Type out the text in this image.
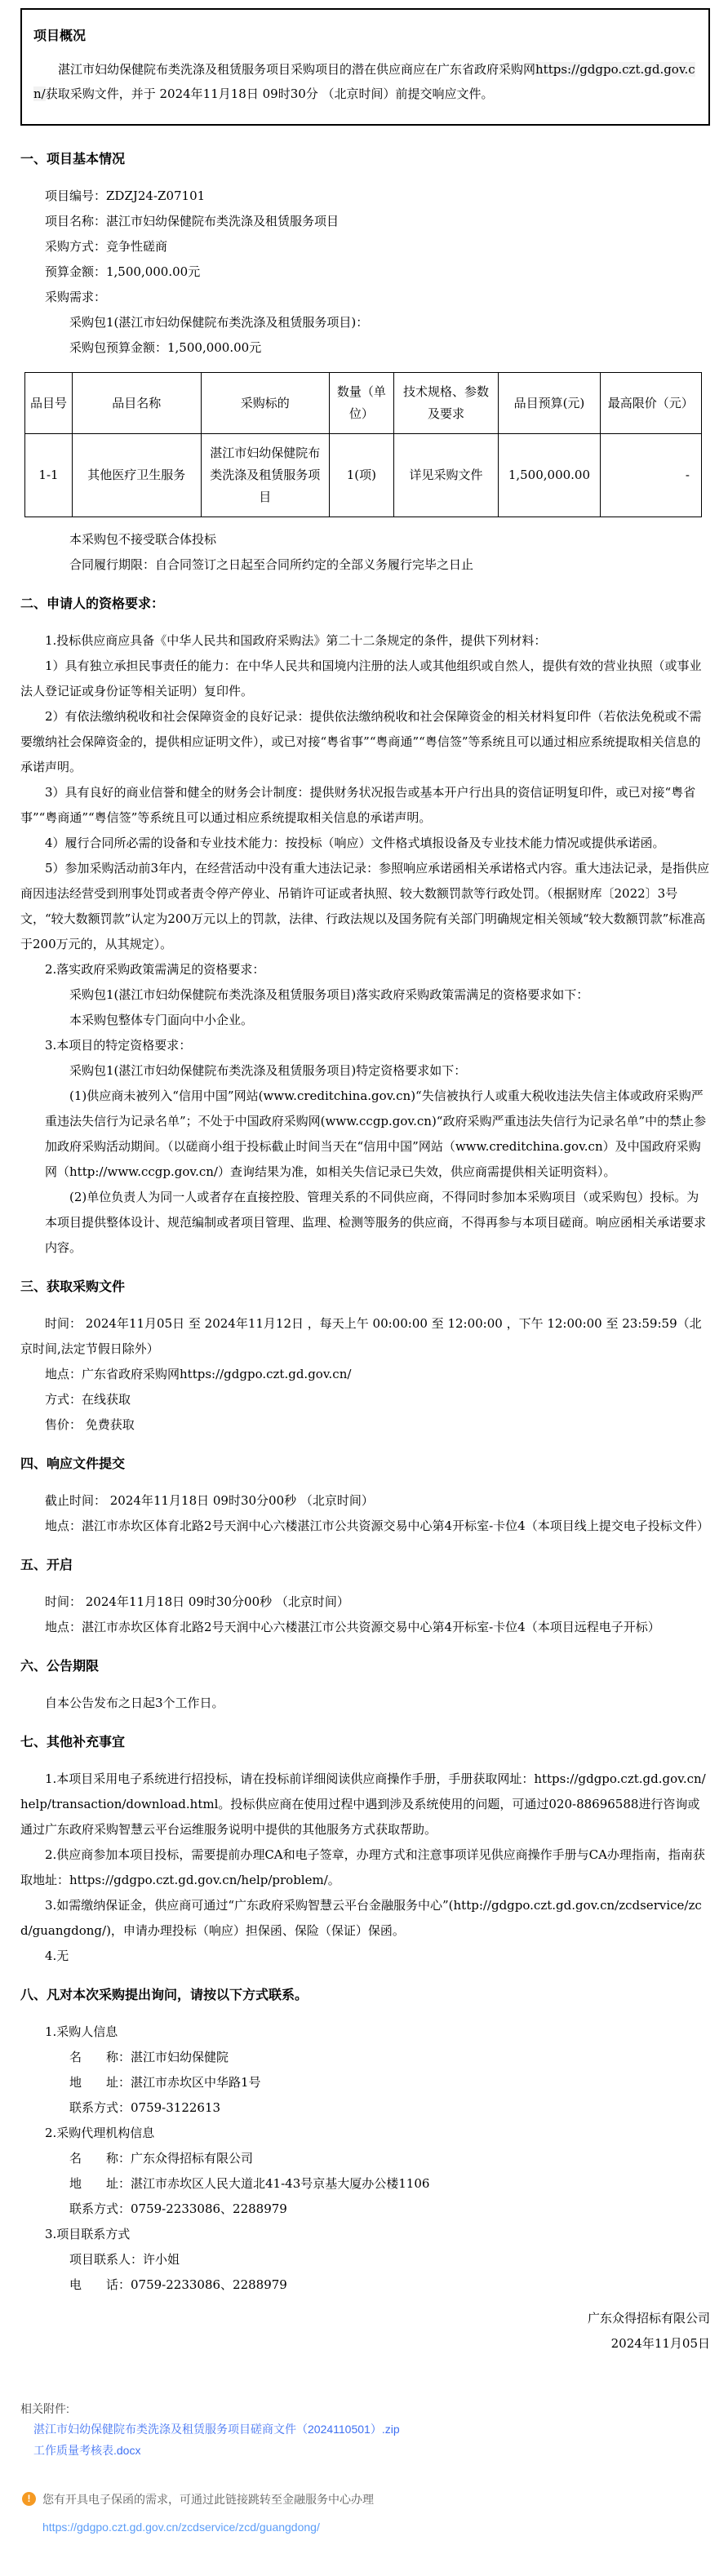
项目概况

湛江市妇幼保健院布类洗涤及租赁服务项目采购项目的潜在供应商应在广东省政府采购网https://gdgpo.czt.gd.gov.cn/获取采购文件，并于 2024年11月18日 09时30分 （北京时间）前提交响应文件。

一、项目基本情况

项目编号：ZDZJ24-Z07101

项目名称：湛江市妇幼保健院布类洗涤及租赁服务项目

采购方式：竞争性磋商

预算金额：1,500,000.00元

采购需求：

采购包1(湛江市妇幼保健院布类洗涤及租赁服务项目)：

采购包预算金额：1,500,000.00元

品目号	品目名称	采购标的	数量（单位）	技术规格、参数及要求	品目预算(元)	最高限价（元）
1-1	其他医疗卫生服务	湛江市妇幼保健院布类洗涤及租赁服务项目	1(项)	详见采购文件	1,500,000.00	-

本采购包不接受联合体投标

合同履行期限：自合同签订之日起至合同所约定的全部义务履行完毕之日止

二、申请人的资格要求：

1.投标供应商应具备《中华人民共和国政府采购法》第二十二条规定的条件，提供下列材料：

1）具有独立承担民事责任的能力：在中华人民共和国境内注册的法人或其他组织或自然人，提供有效的营业执照（或事业法人登记证或身份证等相关证明）复印件。

2）有依法缴纳税收和社会保障资金的良好记录：提供依法缴纳税收和社会保障资金的相关材料复印件（若依法免税或不需要缴纳社会保障资金的，提供相应证明文件），或已对接“粤省事”“粤商通”“粤信签”等系统且可以通过相应系统提取相关信息的承诺声明。

3）具有良好的商业信誉和健全的财务会计制度：提供财务状况报告或基本开户行出具的资信证明复印件，或已对接“粤省事”“粤商通”“粤信签”等系统且可以通过相应系统提取相关信息的承诺声明。

4）履行合同所必需的设备和专业技术能力：按投标（响应）文件格式填报设备及专业技术能力情况或提供承诺函。

5）参加采购活动前3年内，在经营活动中没有重大违法记录：参照响应承诺函相关承诺格式内容。重大违法记录，是指供应商因违法经营受到刑事处罚或者责令停产停业、吊销许可证或者执照、较大数额罚款等行政处罚。（根据财库〔2022〕3号文，“较大数额罚款”认定为200万元以上的罚款，法律、行政法规以及国务院有关部门明确规定相关领域“较大数额罚款”标准高于200万元的，从其规定）。

2.落实政府采购政策需满足的资格要求：

采购包1(湛江市妇幼保健院布类洗涤及租赁服务项目)落实政府采购政策需满足的资格要求如下：

本采购包整体专门面向中小企业。

3.本项目的特定资格要求：

采购包1(湛江市妇幼保健院布类洗涤及租赁服务项目)特定资格要求如下：

(1)供应商未被列入“信用中国”网站(www.creditchina.gov.cn)“失信被执行人或重大税收违法失信主体或政府采购严重违法失信行为记录名单”；不处于中国政府采购网(www.ccgp.gov.cn)“政府采购严重违法失信行为记录名单”中的禁止参加政府采购活动期间。（以磋商小组于投标截止时间当天在“信用中国”网站（www.creditchina.gov.cn）及中国政府采购网（http://www.ccgp.gov.cn/）查询结果为准，如相关失信记录已失效，供应商需提供相关证明资料）。

(2)单位负责人为同一人或者存在直接控股、管理关系的不同供应商，不得同时参加本采购项目（或采购包）投标。为本项目提供整体设计、规范编制或者项目管理、监理、检测等服务的供应商，不得再参与本项目磋商。响应函相关承诺要求内容。

三、获取采购文件

时间： 2024年11月05日 至 2024年11月12日 ，每天上午 00:00:00 至 12:00:00 ，下午 12:00:00 至 23:59:59（北京时间,法定节假日除外）

地点：广东省政府采购网https://gdgpo.czt.gd.gov.cn/

方式：在线获取

售价： 免费获取

四、响应文件提交

截止时间： 2024年11月18日 09时30分00秒 （北京时间）

地点：湛江市赤坎区体育北路2号天润中心六楼湛江市公共资源交易中心第4开标室-卡位4（本项目线上提交电子投标文件）

五、开启

时间： 2024年11月18日 09时30分00秒 （北京时间）

地点：湛江市赤坎区体育北路2号天润中心六楼湛江市公共资源交易中心第4开标室-卡位4（本项目远程电子开标）

六、公告期限

自本公告发布之日起3个工作日。

七、其他补充事宜

1.本项目采用电子系统进行招投标，请在投标前详细阅读供应商操作手册，手册获取网址：https://gdgpo.czt.gd.gov.cn/help/transaction/download.html。投标供应商在使用过程中遇到涉及系统使用的问题，可通过020-88696588进行咨询或通过广东政府采购智慧云平台运维服务说明中提供的其他服务方式获取帮助。

2.供应商参加本项目投标，需要提前办理CA和电子签章，办理方式和注意事项详见供应商操作手册与CA办理指南，指南获取地址：https://gdgpo.czt.gd.gov.cn/help/problem/。

3.如需缴纳保证金，供应商可通过“广东政府采购智慧云平台金融服务中心”(http://gdgpo.czt.gd.gov.cn/zcdservice/zcd/guangdong/)，申请办理投标（响应）担保函、保险（保证）保函。

4.无

八、凡对本次采购提出询问，请按以下方式联系。

1.采购人信息

名　　称：湛江市妇幼保健院

地　　址：湛江市赤坎区中华路1号

联系方式：0759-3122613

2.采购代理机构信息

名　　称：广东众得招标有限公司

地　　址：湛江市赤坎区人民大道北41-43号京基大厦办公楼1106

联系方式：0759-2233086、2288979

3.项目联系方式

项目联系人：许小姐

电　　话：0759-2233086、2288979

广东众得招标有限公司
2024年11月05日
相关附件:
湛江市妇幼保健院布类洗涤及租赁服务项目磋商文件（2024110501）.zip
工作质量考核表.docx
!	您有开具电子保函的需求，可通过此链接跳转至金融服务中心办理
https://gdgpo.czt.gd.gov.cn/zcdservice/zcd/guangdong/
